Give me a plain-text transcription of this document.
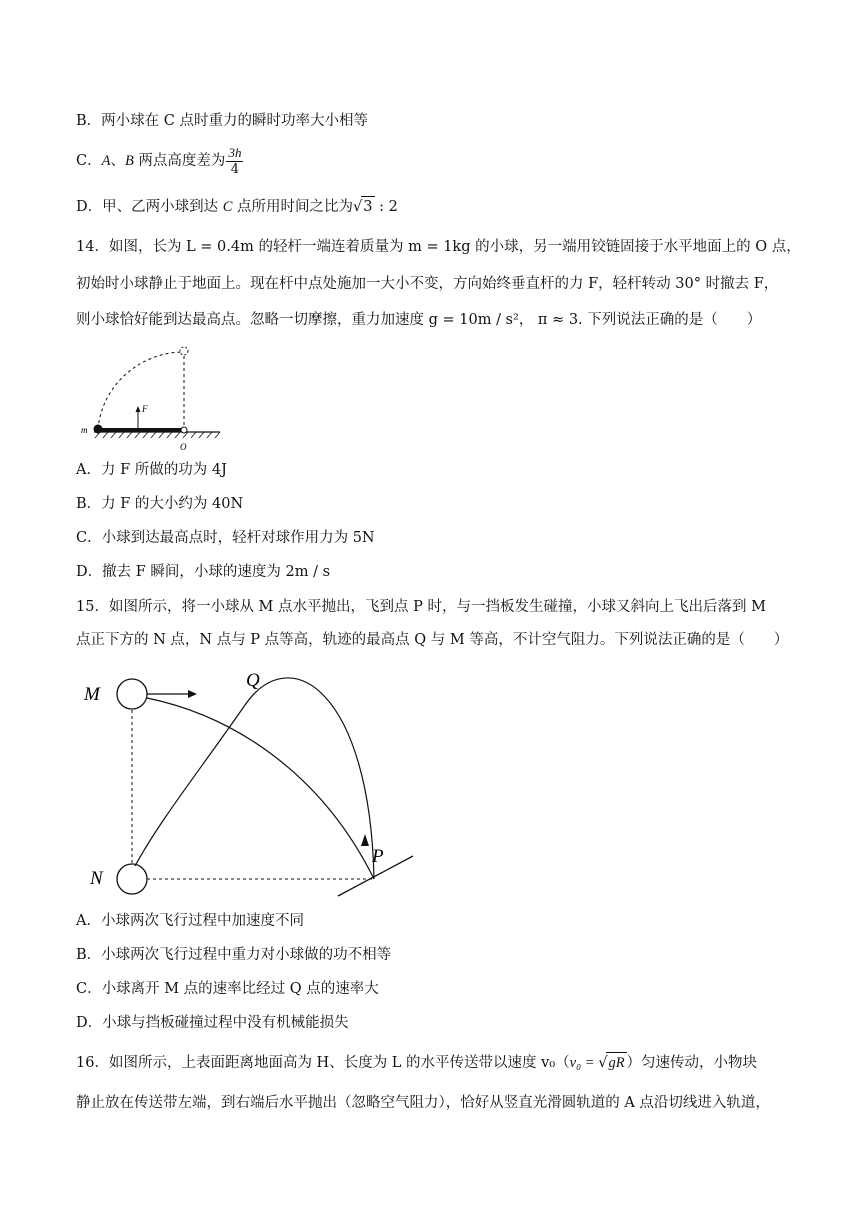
B．两小球在 C 点时重力的瞬时功率大小相等
C．A、B 两点高度差为 $\frac{3h}{4}$
D．甲、乙两小球到达 C 点所用时间之比为√3 : 2
14．如图，长为 L = 0.4m 的轻杆一端连着质量为 m = 1kg 的小球，另一端用铰链固接于水平地面上的 O 点，
初始时小球静止于地面上。现在杆中点处施加一大小不变，方向始终垂直杆的力 F，轻杆转动 30° 时撤去 F，
则小球恰好能到达最高点。忽略一切摩擦，重力加速度 g = 10m / s²， π ≈ 3. 下列说法正确的是（　　）
m
F
O
A．力 F 所做的功为 4J
B．力 F 的大小约为 40N
C．小球到达最高点时，轻杆对球作用力为 5N
D．撤去 F 瞬间，小球的速度为 2m / s
15．如图所示，将一小球从 M 点水平抛出，飞到点 P 时，与一挡板发生碰撞，小球又斜向上飞出后落到 M
点正下方的 N 点，N 点与 P 点等高，轨迹的最高点 Q 与 M 等高，不计空气阻力。下列说法正确的是（　　）
M
Q
N
P
A．小球两次飞行过程中加速度不同
B．小球两次飞行过程中重力对小球做的功不相等
C．小球离开 M 点的速率比经过 Q 点的速率大
D．小球与挡板碰撞过程中没有机械能损失
16．如图所示，上表面距离地面高为 H、长度为 L 的水平传送带以速度 v₀（v₀ = √gR ）匀速传动，小物块
静止放在传送带左端，到右端后水平抛出（忽略空气阻力），恰好从竖直光滑圆轨道的 A 点沿切线进入轨道，
